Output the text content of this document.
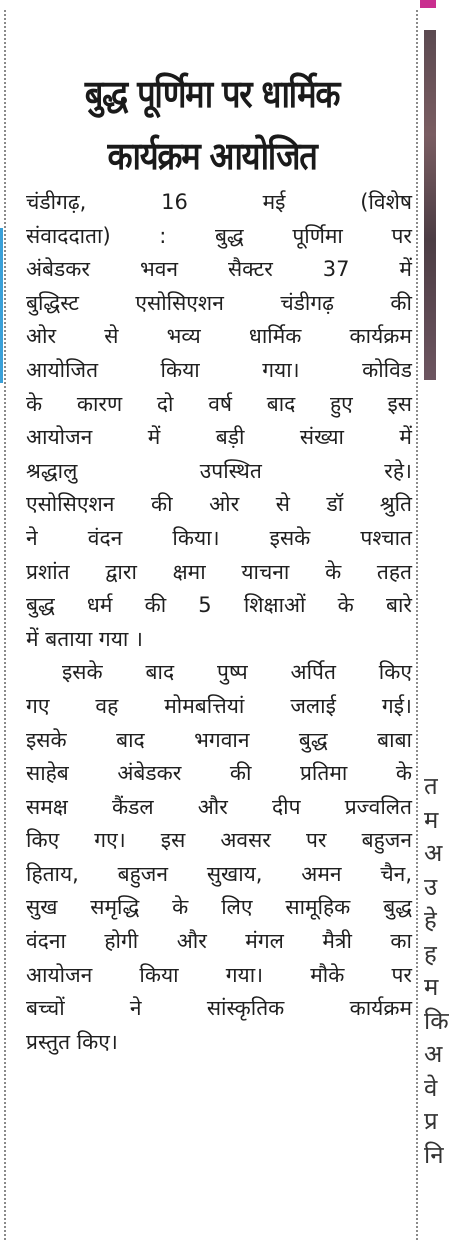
त
म
अ
उ
हे
ह
म
कि
अ
वे
प्र
नि
बुद्ध पूर्णिमा पर धार्मिक
कार्यक्रम आयोजित
चंडीगढ़, 16 मई (विशेष
संवाददाता) : बुद्ध पूर्णिमा पर
अंबेडकर भवन सैक्टर 37 में
बुद्धिस्ट एसोसिएशन चंडीगढ़ की
ओर से भव्य धार्मिक कार्यक्रम
आयोजित किया गया। कोविड
के कारण दो वर्ष बाद हुए इस
आयोजन में बड़ी संख्या में
श्रद्धालु उपस्थित रहे।
एसोसिएशन की ओर से डॉ श्रुति
ने वंदन किया। इसके पश्चात
प्रशांत द्वारा क्षमा याचना के तहत
बुद्ध धर्म की 5 शिक्षाओं के बारे
में बताया गया ।
इसके बाद पुष्प अर्पित किए
गए वह मोमबत्तियां जलाई गई।
इसके बाद भगवान बुद्ध बाबा
साहेब अंबेडकर की प्रतिमा के
समक्ष कैंडल और दीप प्रज्वलित
किए गए। इस अवसर पर बहुजन
हिताय, बहुजन सुखाय, अमन चैन,
सुख समृद्धि के लिए सामूहिक बुद्ध
वंदना होगी और मंगल मैत्री का
आयोजन किया गया। मौके पर
बच्चों ने सांस्कृतिक कार्यक्रम
प्रस्तुत किए।
